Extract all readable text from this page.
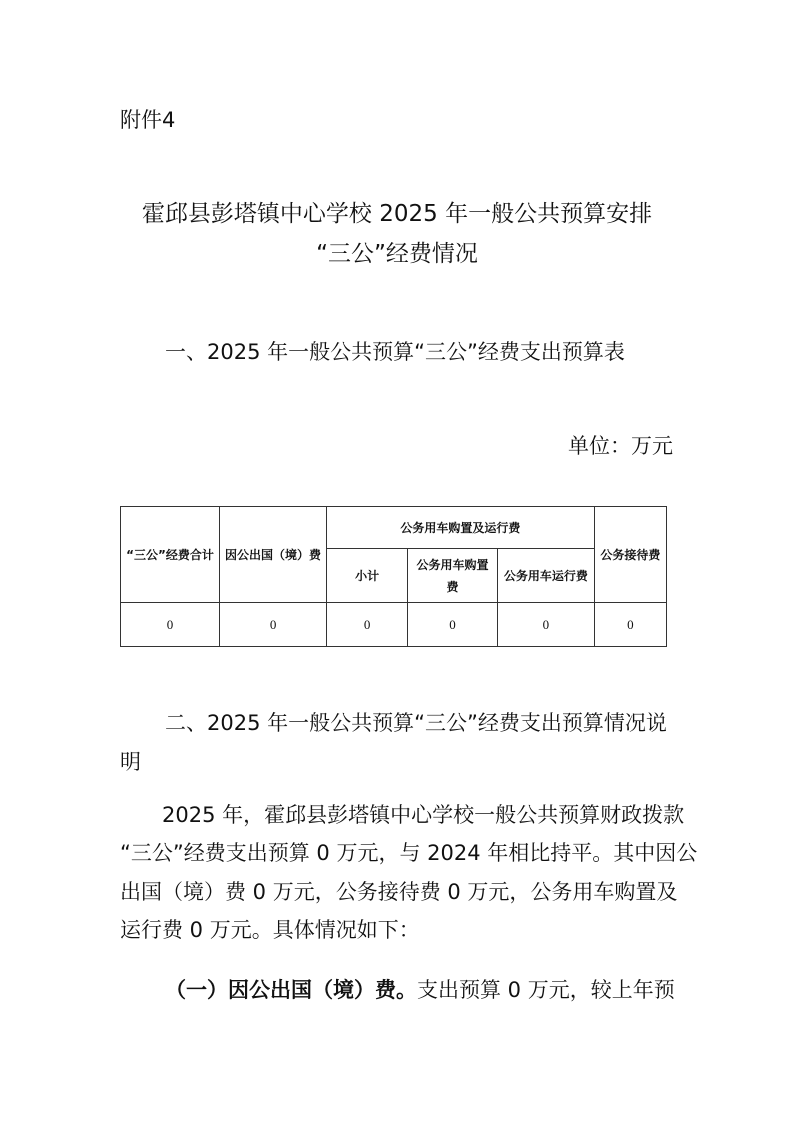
附件4
霍邱县彭塔镇中心学校 2025 年一般公共预算安排
“三公”经费情况
一、2025 年一般公共预算“三公”经费支出预算表
单位：万元
“三公”经费合计	因公出国（境）费	公务用车购置及运行费			公务接待费
		小计	公务用车购置费	公务用车运行费	
0	0	0	0	0	0
二、2025 年一般公共预算“三公”经费支出预算情况说
明
2025 年，霍邱县彭塔镇中心学校一般公共预算财政拨款
“三公”经费支出预算 0 万元，与 2024 年相比持平。其中因公
出国（境）费 0 万元，公务接待费 0 万元，公务用车购置及
运行费 0 万元。具体情况如下：
（一）因公出国（境）费。支出预算 0 万元，较上年预
